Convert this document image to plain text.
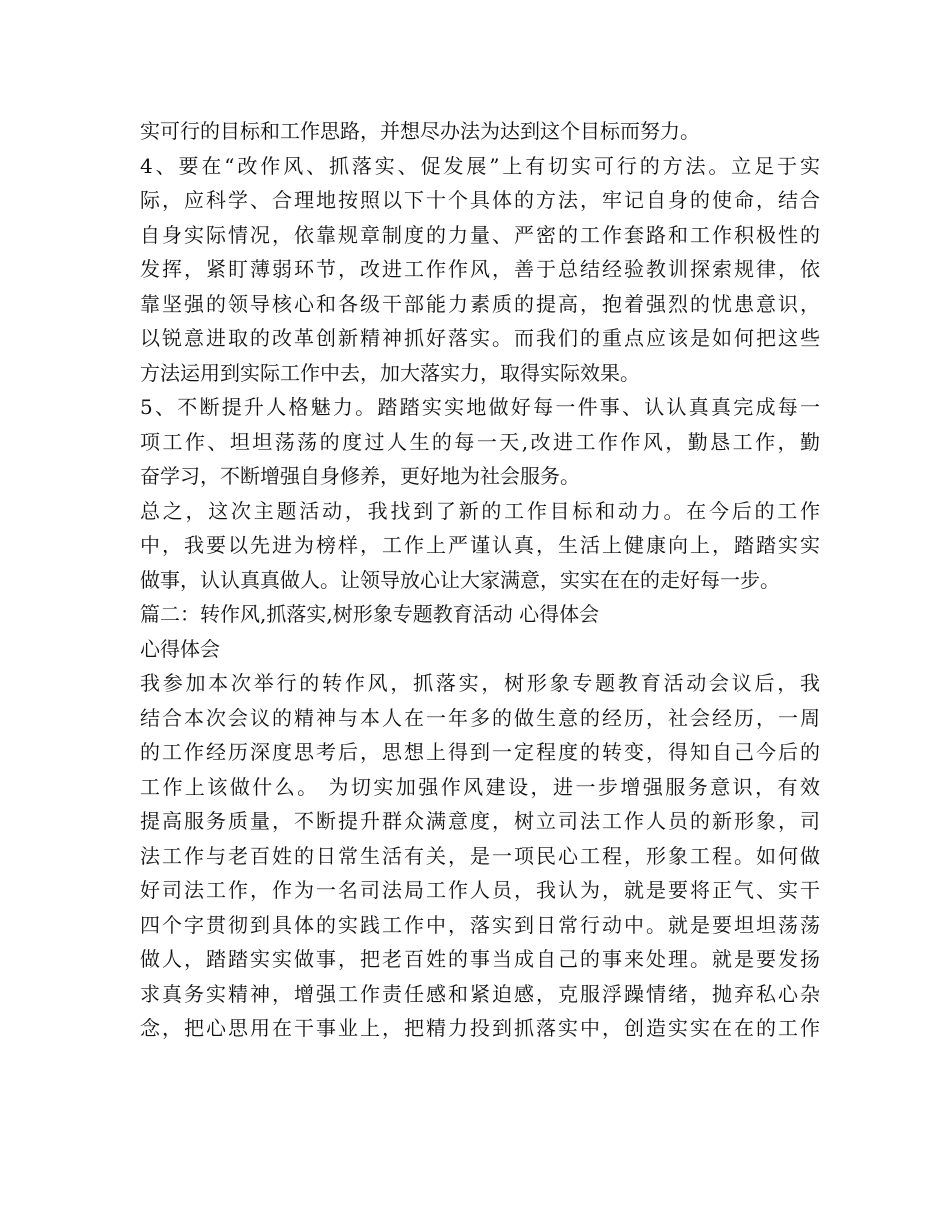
实可行的目标和工作思路，并想尽办法为达到这个目标而努力。
4、要在“改作风、抓落实、促发展”上有切实可行的方法。立足于实
际，应科学、合理地按照以下十个具体的方法，牢记自身的使命，结合
自身实际情况，依靠规章制度的力量、严密的工作套路和工作积极性的
发挥，紧盯薄弱环节，改进工作作风，善于总结经验教训探索规律，依
靠坚强的领导核心和各级干部能力素质的提高，抱着强烈的忧患意识，
以锐意进取的改革创新精神抓好落实。而我们的重点应该是如何把这些
方法运用到实际工作中去，加大落实力，取得实际效果。
5、不断提升人格魅力。踏踏实实地做好每一件事、认认真真完成每一
项工作、坦坦荡荡的度过人生的每一天,改进工作作风，勤恳工作，勤
奋学习，不断增强自身修养，更好地为社会服务。
总之，这次主题活动，我找到了新的工作目标和动力。在今后的工作
中，我要以先进为榜样，工作上严谨认真，生活上健康向上，踏踏实实
做事，认认真真做人。让领导放心让大家满意，实实在在的走好每一步。
篇二：转作风,抓落实,树形象专题教育活动 心得体会
心得体会
我参加本次举行的转作风，抓落实，树形象专题教育活动会议后，我
结合本次会议的精神与本人在一年多的做生意的经历，社会经历，一周
的工作经历深度思考后，思想上得到一定程度的转变，得知自己今后的
工作上该做什么。 为切实加强作风建设，进一步增强服务意识，有效
提高服务质量，不断提升群众满意度，树立司法工作人员的新形象，司
法工作与老百姓的日常生活有关，是一项民心工程，形象工程。如何做
好司法工作，作为一名司法局工作人员，我认为，就是要将正气、实干
四个字贯彻到具体的实践工作中，落实到日常行动中。就是要坦坦荡荡
做人，踏踏实实做事，把老百姓的事当成自己的事来处理。就是要发扬
求真务实精神，增强工作责任感和紧迫感，克服浮躁情绪，抛弃私心杂
念，把心思用在干事业上，把精力投到抓落实中，创造实实在在的工作
